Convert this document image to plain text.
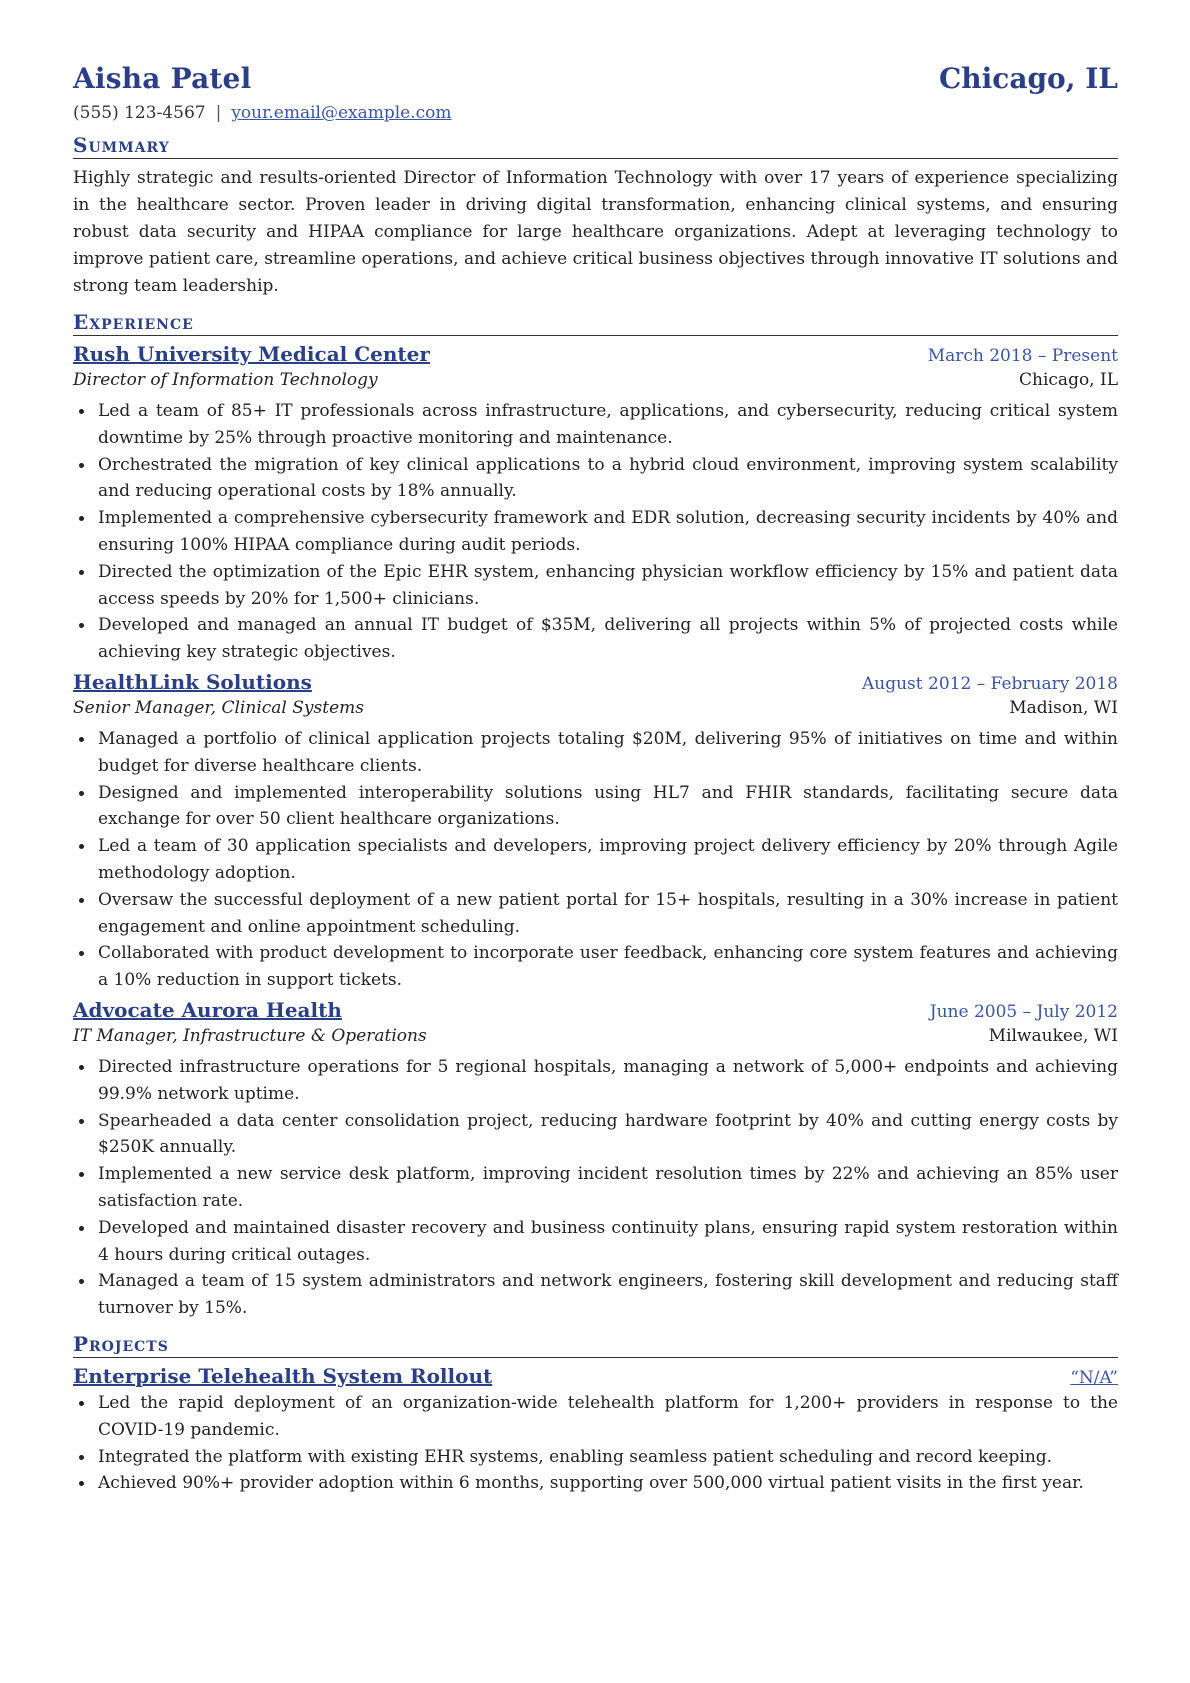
Aisha Patel	Chicago, IL
(555) 123-4567 | your.email@example.com
Summary
Highly strategic and results-oriented Director of Information Technology with over 17 years of experience specializing in the healthcare sector. Proven leader in driving digital transformation, enhancing clinical systems, and ensuring robust data security and HIPAA compliance for large healthcare organizations. Adept at leveraging technology to improve patient care, streamline operations, and achieve critical business objectives through innovative IT solutions and strong team leadership.
Experience
Rush University Medical Center	March 2018 – Present
Director of Information Technology	Chicago, IL
Led a team of 85+ IT professionals across infrastructure, applications, and cybersecurity, reducing critical system downtime by 25% through proactive monitoring and maintenance.
Orchestrated the migration of key clinical applications to a hybrid cloud environment, improving system scalability and reducing operational costs by 18% annually.
Implemented a comprehensive cybersecurity framework and EDR solution, decreasing security incidents by 40% and ensuring 100% HIPAA compliance during audit periods.
Directed the optimization of the Epic EHR system, enhancing physician workflow efficiency by 15% and patient data access speeds by 20% for 1,500+ clinicians.
Developed and managed an annual IT budget of $35M, delivering all projects within 5% of projected costs while achieving key strategic objectives.
HealthLink Solutions	August 2012 – February 2018
Senior Manager, Clinical Systems	Madison, WI
Managed a portfolio of clinical application projects totaling $20M, delivering 95% of initiatives on time and within budget for diverse healthcare clients.
Designed and implemented interoperability solutions using HL7 and FHIR standards, facilitating secure data exchange for over 50 client healthcare organizations.
Led a team of 30 application specialists and developers, improving project delivery efficiency by 20% through Agile methodology adoption.
Oversaw the successful deployment of a new patient portal for 15+ hospitals, resulting in a 30% increase in patient engagement and online appointment scheduling.
Collaborated with product development to incorporate user feedback, enhancing core system features and achieving a 10% reduction in support tickets.
Advocate Aurora Health	June 2005 – July 2012
IT Manager, Infrastructure & Operations	Milwaukee, WI
Directed infrastructure operations for 5 regional hospitals, managing a network of 5,000+ endpoints and achieving 99.9% network uptime.
Spearheaded a data center consolidation project, reducing hardware footprint by 40% and cutting energy costs by $250K annually.
Implemented a new service desk platform, improving incident resolution times by 22% and achieving an 85% user satisfaction rate.
Developed and maintained disaster recovery and business continuity plans, ensuring rapid system restoration within 4 hours during critical outages.
Managed a team of 15 system administrators and network engineers, fostering skill development and reducing staff turnover by 15%.
Projects
Enterprise Telehealth System Rollout	“N/A”
Led the rapid deployment of an organization-wide telehealth platform for 1,200+ providers in response to the COVID-19 pandemic.
Integrated the platform with existing EHR systems, enabling seamless patient scheduling and record keeping.
Achieved 90%+ provider adoption within 6 months, supporting over 500,000 virtual patient visits in the first year.
